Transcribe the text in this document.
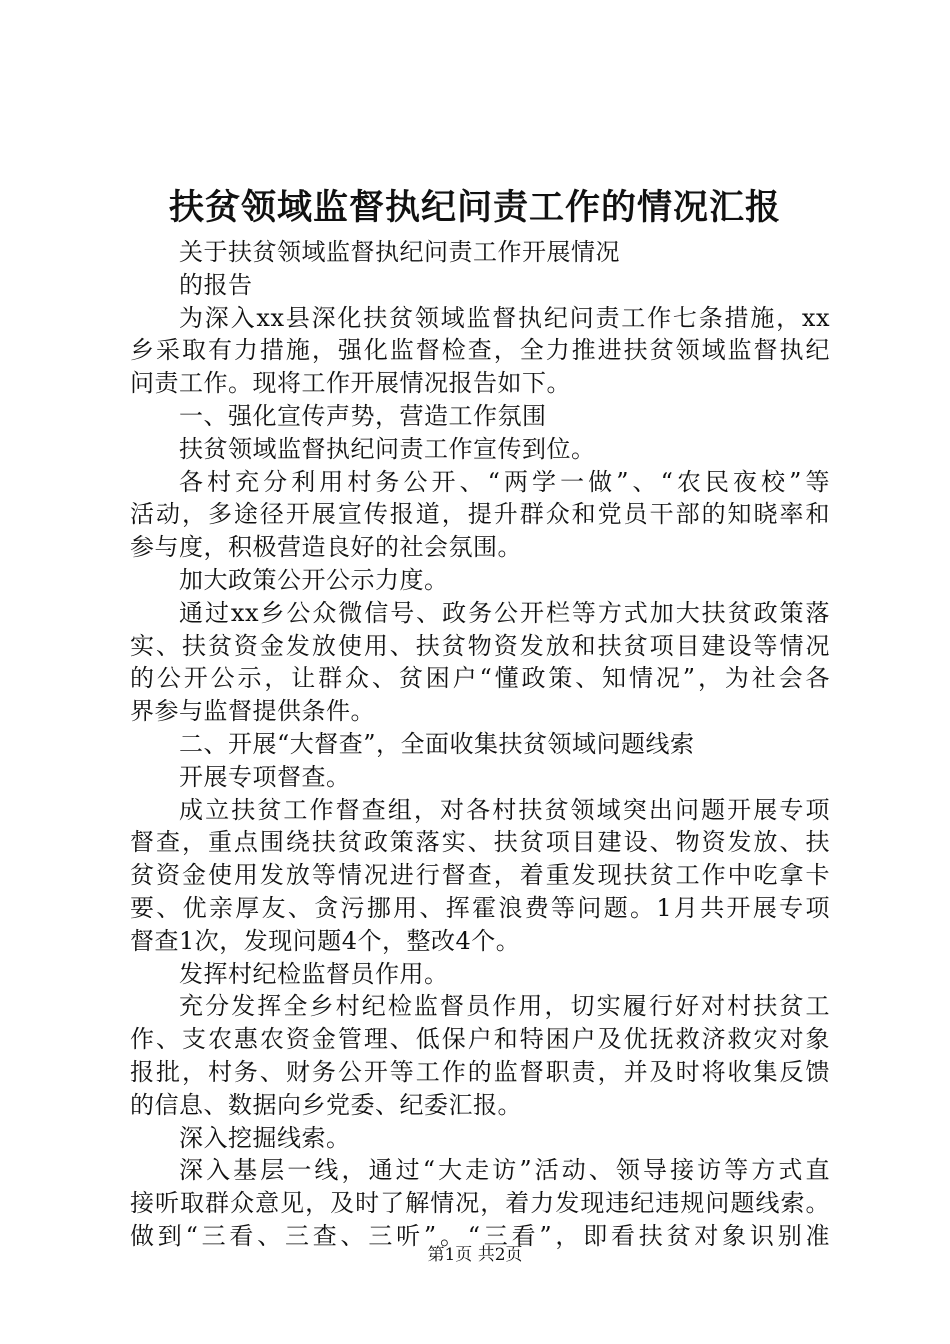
扶贫领域监督执纪问责工作的情况汇报
关于扶贫领域监督执纪问责工作开展情况
的报告
为深入xx县深化扶贫领域监督执纪问责工作七条措施，xx
乡采取有力措施，强化监督检查，全力推进扶贫领域监督执纪
问责工作。现将工作开展情况报告如下。
一、强化宣传声势，营造工作氛围
扶贫领域监督执纪问责工作宣传到位。
各村充分利用村务公开、“两学一做”、“农民夜校”等
活动，多途径开展宣传报道，提升群众和党员干部的知晓率和
参与度，积极营造良好的社会氛围。
加大政策公开公示力度。
通过xx乡公众微信号、政务公开栏等方式加大扶贫政策落
实、扶贫资金发放使用、扶贫物资发放和扶贫项目建设等情况
的公开公示，让群众、贫困户“懂政策、知情况”，为社会各
界参与监督提供条件。
二、开展“大督查”，全面收集扶贫领域问题线索
开展专项督查。
成立扶贫工作督查组，对各村扶贫领域突出问题开展专项
督查，重点围绕扶贫政策落实、扶贫项目建设、物资发放、扶
贫资金使用发放等情况进行督查，着重发现扶贫工作中吃拿卡
要、优亲厚友、贪污挪用、挥霍浪费等问题。1月共开展专项
督查1次，发现问题4个，整改4个。
发挥村纪检监督员作用。
充分发挥全乡村纪检监督员作用，切实履行好对村扶贫工
作、支农惠农资金管理、低保户和特困户及优抚救济救灾对象
报批，村务、财务公开等工作的监督职责，并及时将收集反馈
的信息、数据向乡党委、纪委汇报。
深入挖掘线索。
深入基层一线，通过“大走访”活动、领导接访等方式直
接听取群众意见，及时了解情况，着力发现违纪违规问题线索。
做到“三看、三查、三听”。“三看”，即看扶贫对象识别准
第1页 共2页
